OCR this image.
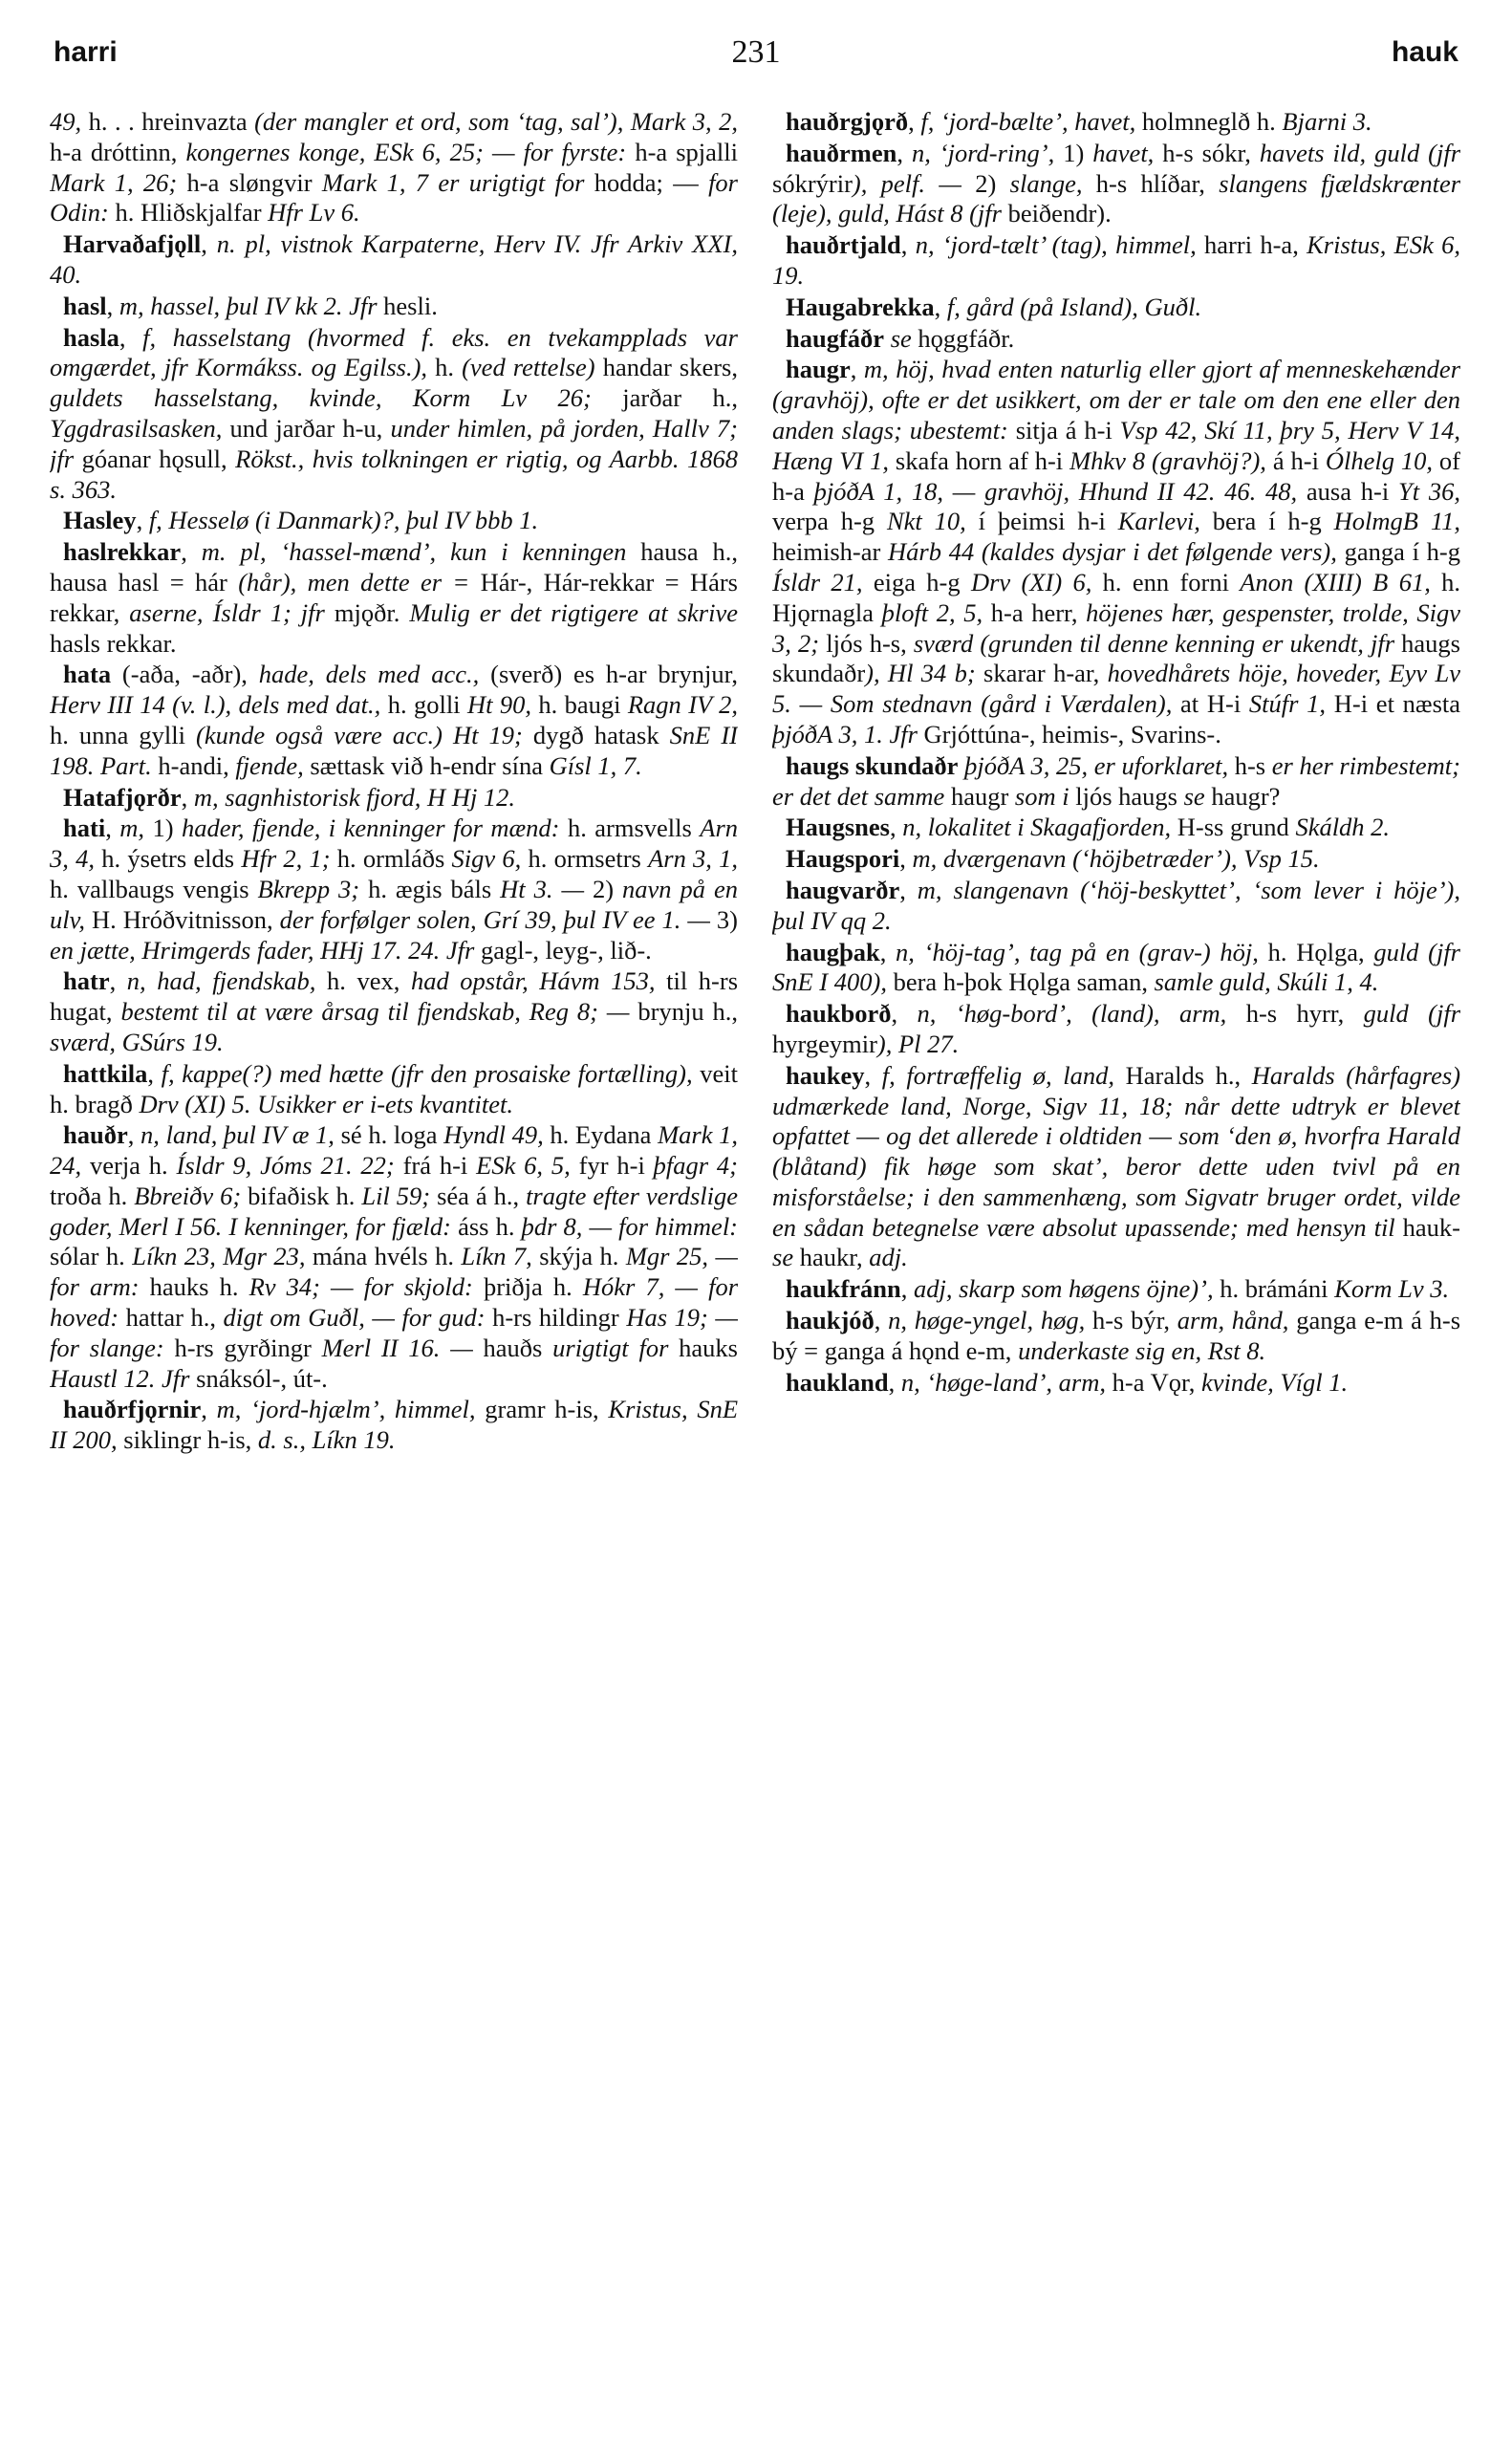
harri	231	hauk

49, h. . . hreinvazta (der mangler et ord, som ‘tag, sal’), Mark 3, 2, h-a dróttinn, kongernes konge, ESk 6, 25; — for fyrste: h-a spjalli Mark 1, 26; h-a sløngvir Mark 1, 7 er urigtigt for hodda; — for Odin: h. Hliðskjalfar Hfr Lv 6.

Harvaðafjǫll, n. pl, vistnok Karpaterne, Herv IV. Jfr Arkiv XXI, 40.

hasl, m, hassel, þul IV kk 2. Jfr hesli.

hasla, f, hasselstang (hvormed f. eks. en tvekampplads var omgærdet, jfr Kormákss. og Egilss.), h. (ved rettelse) handar skers, guldets hasselstang, kvinde, Korm Lv 26; jarðar h., Yggdrasilsasken, und jarðar h-u, under himlen, på jorden, Hallv 7; jfr góanar hǫsull, Rökst., hvis tolkningen er rigtig, og Aarbb. 1868 s. 363.

Hasley, f, Hesselø (i Danmark)?, þul IV bbb 1.

haslrekkar, m. pl, ‘hassel-mænd’, kun i kenningen hausa h., hausa hasl = hár (hår), men dette er = Hár-, Hár-rekkar = Hárs rekkar, aserne, Ísldr 1; jfr mjǫðr. Mulig er det rigtigere at skrive hasls rekkar.

hata (-aða, -aðr), hade, dels med acc., (sverð) es h-ar brynjur, Herv III 14 (v. l.), dels med dat., h. golli Ht 90, h. baugi Ragn IV 2, h. unna gylli (kunde også være acc.) Ht 19; dygð hatask SnE II 198. Part. h-andi, fjende, sættask við h-endr sína Gísl 1, 7.

Hatafjǫrðr, m, sagnhistorisk fjord, H Hj 12.

hati, m, 1) hader, fjende, i kenninger for mænd: h. armsvells Arn 3, 4, h. ýsetrs elds Hfr 2, 1; h. ormláðs Sigv 6, h. ormsetrs Arn 3, 1, h. vallbaugs vengis Bkrepp 3; h. ægis báls Ht 3. — 2) navn på en ulv, H. Hróðvitnisson, der forfølger solen, Grí 39, þul IV ee 1. — 3) en jætte, Hrimgerds fader, HHj 17. 24. Jfr gagl-, leyg-, lið-.

hatr, n, had, fjendskab, h. vex, had opstår, Hávm 153, til h-rs hugat, bestemt til at være årsag til fjendskab, Reg 8; — brynju h., sværd, GSúrs 19.

hattkila, f, kappe(?) med hætte (jfr den prosaiske fortælling), veit h. bragð Drv (XI) 5. Usikker er i-ets kvantitet.

hauðr, n, land, þul IV æ 1, sé h. loga Hyndl 49, h. Eydana Mark 1, 24, verja h. Ísldr 9, Jóms 21. 22; frá h-i ESk 6, 5, fyr h-i þfagr 4; troða h. Bbreiðv 6; bifaðisk h. Lil 59; séa á h., tragte efter verdslige goder, Merl I 56. I kenninger, for fjæld: áss h. þdr 8, — for himmel: sólar h. Líkn 23, Mgr 23, mána hvéls h. Líkn 7, skýja h. Mgr 25, — for arm: hauks h. Rv 34; — for skjold: þriðja h. Hókr 7, — for hoved: hattar h., digt om Guðl, — for gud: h-rs hildingr Has 19; — for slange: h-rs gyrðingr Merl II 16. — hauðs urigtigt for hauks Haustl 12. Jfr snáksól-, út-.

hauðrfjǫrnir, m, ‘jord-hjælm’, himmel, gramr h-is, Kristus, SnE II 200, siklingr h-is, d. s., Líkn 19.

hauðrgjǫrð, f, ‘jord-bælte’, havet, holmneglð h. Bjarni 3.

hauðrmen, n, ‘jord-ring’, 1) havet, h-s sókr, havets ild, guld (jfr sókrýrir), pelf. — 2) slange, h-s hlíðar, slangens fjældskrænter (leje), guld, Hást 8 (jfr beiðendr).

hauðrtjald, n, ‘jord-tælt’ (tag), himmel, harri h-a, Kristus, ESk 6, 19.

Haugabrekka, f, gård (på Island), Guðl.

haugfáðr se hǫggfáðr.

haugr, m, höj, hvad enten naturlig eller gjort af menneskehænder (gravhöj), ofte er det usikkert, om der er tale om den ene eller den anden slags; ubestemt: sitja á h-i Vsp 42, Skí 11, þry 5, Herv V 14, Hæng VI 1, skafa horn af h-i Mhkv 8 (gravhöj?), á h-i Ólhelg 10, of h-a þjóðA 1, 18, — gravhöj, Hhund II 42. 46. 48, ausa h-i Yt 36, verpa h-g Nkt 10, í þeimsi h-i Karlevi, bera í h-g HolmgB 11, heimish-ar Hárb 44 (kaldes dysjar i det følgende vers), ganga í h-g Ísldr 21, eiga h-g Drv (XI) 6, h. enn forni Anon (XIII) B 61, h. Hjǫrnagla þloft 2, 5, h-a herr, höjenes hær, gespenster, trolde, Sigv 3, 2; ljós h-s, sværd (grunden til denne kenning er ukendt, jfr haugs skundaðr), Hl 34 b; skarar h-ar, hovedhårets höje, hoveder, Eyv Lv 5. — Som stednavn (gård i Værdalen), at H-i Stúfr 1, H-i et næsta þjóðA 3, 1. Jfr Grjóttúna-, heimis-, Svarins-.

haugs skundaðr þjóðA 3, 25, er uforklaret, h-s er her rimbestemt; er det det samme haugr som i ljós haugs se haugr?

Haugsnes, n, lokalitet i Skagafjorden, H-ss grund Skáldh 2.

Haugspori, m, dværgenavn (‘höjbetræder’), Vsp 15.

haugvarðr, m, slangenavn (‘höj-beskyttet’, ‘som lever i höje’), þul IV qq 2.

haugþak, n, ‘höj-tag’, tag på en (grav-) höj, h. Hǫlga, guld (jfr SnE I 400), bera h-þok Hǫlga saman, samle guld, Skúli 1, 4.

haukborð, n, ‘høg-bord’, (land), arm, h-s hyrr, guld (jfr hyrgeymir), Pl 27.

haukey, f, fortræffelig ø, land, Haralds h., Haralds (hårfagres) udmærkede land, Norge, Sigv 11, 18; når dette udtryk er blevet opfattet — og det allerede i oldtiden — som ‘den ø, hvorfra Harald (blåtand) fik høge som skat’, beror dette uden tvivl på en misforståelse; i den sammenhæng, som Sigvatr bruger ordet, vilde en sådan betegnelse være absolut upassende; med hensyn til hauk- se haukr, adj.

haukfránn, adj, skarp som høgens öjne)’, h. brámáni Korm Lv 3.

haukjóð, n, høge-yngel, høg, h-s býr, arm, hånd, ganga e-m á h-s bý = ganga á hǫnd e-m, underkaste sig en, Rst 8.

haukland, n, ‘høge-land’, arm, h-a Vǫr, kvinde, Vígl 1.
